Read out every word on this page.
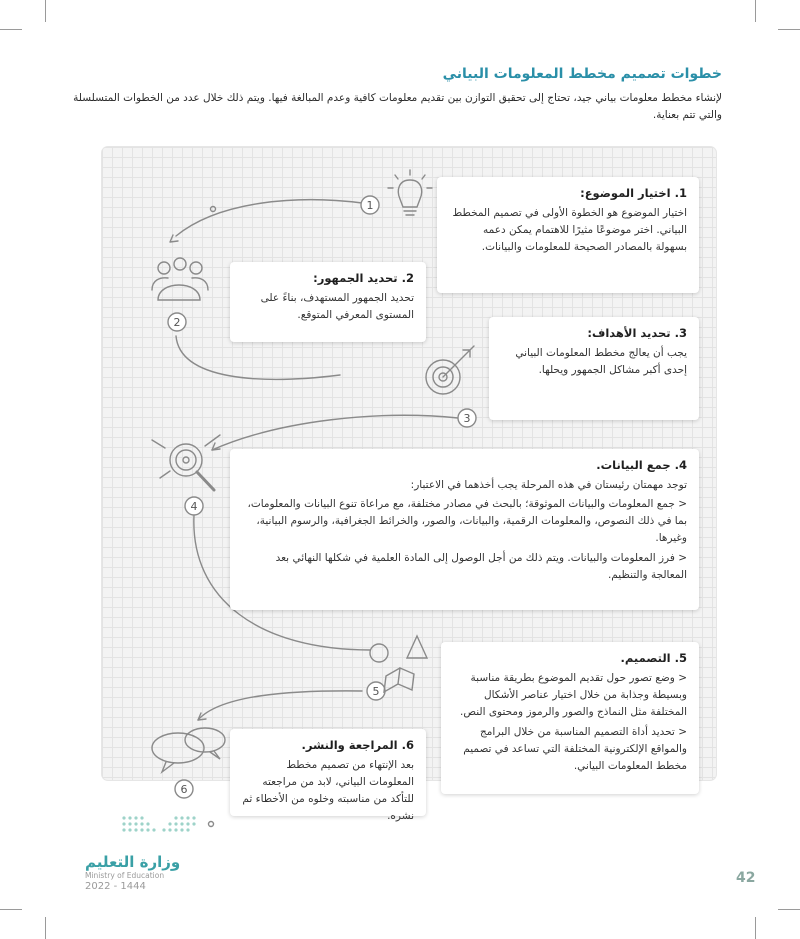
خطوات تصميم مخطط المعلومات البياني

لإنشاء مخطط معلومات بياني جيد، تحتاج إلى تحقيق التوازن بين تقديم معلومات كافية وعدم المبالغة فيها. ويتم ذلك خلال عدد من الخطوات المتسلسلة والتي تتم بعناية.

1
2
3
4
5
6
1. اختيار الموضوع:

اختيار الموضوع هو الخطوة الأولى في تصميم المخطط البياني. اختر موضوعًا مثيرًا للاهتمام يمكن دعمه بسهولة بالمصادر الصحيحة للمعلومات والبيانات.

2. تحديد الجمهور:

تحديد الجمهور المستهدف، بناءً على المستوى المعرفي المتوقع.

3. تحديد الأهداف:

يجب أن يعالج مخطط المعلومات البياني إحدى أكبر مشاكل الجمهور ويحلها.

4. جمع البيانات.

توجد مهمتان رئيستان في هذه المرحلة يجب أخذهما في الاعتبار:

< جمع المعلومات والبيانات الموثوقة؛ بالبحث في مصادر مختلفة، مع مراعاة تنوع البيانات والمعلومات، بما في ذلك النصوص، والمعلومات الرقمية، والبيانات، والصور، والخرائط الجغرافية، والرسوم البيانية، وغيرها.
< فرز المعلومات والبيانات. ويتم ذلك من أجل الوصول إلى المادة العلمية في شكلها النهائي بعد المعالجة والتنظيم.
5. التصميم.
< وضع تصور حول تقديم الموضوع بطريقة مناسبة وبسيطة وجذابة من خلال اختيار عناصر الأشكال المختلفة مثل النماذج والصور والرموز ومحتوى النص.
< تحديد أداة التصميم المناسبة من خلال البرامج والمواقع الإلكترونية المختلفة التي تساعد في تصميم مخطط المعلومات البياني.
6. المراجعة والنشر.

بعد الإنتهاء من تصميم مخطط المعلومات البياني، لابد من مراجعته للتأكد من مناسبته وخلوه من الأخطاء ثم نشره.

وزارة التعليم
Ministry of Education
2022 - 1444
42
